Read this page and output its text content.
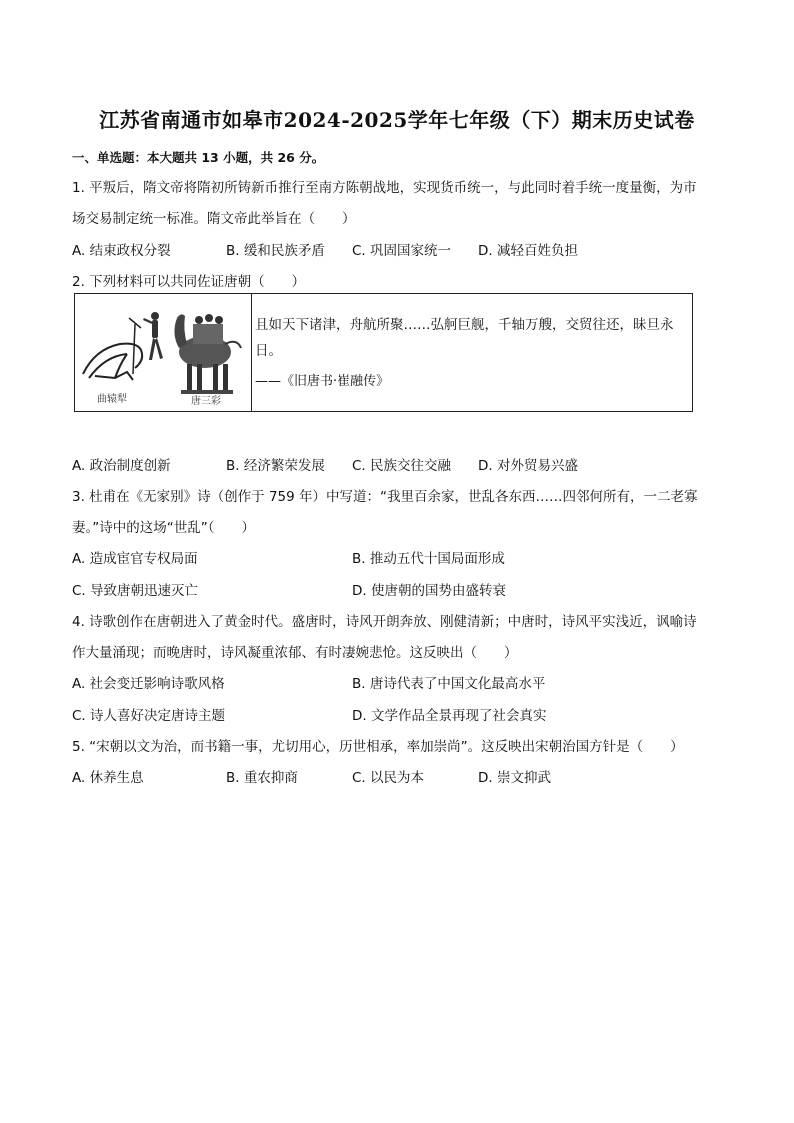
江苏省南通市如皋市2024-2025学年七年级（下）期末历史试卷
一、单选题：本大题共 13 小题，共 26 分。
1. 平叛后，隋文帝将隋初所铸新币推行至南方陈朝战地，实现货币统一，与此同时着手统一度量衡，为市
场交易制定统一标准。隋文帝此举旨在（　　）
A. 结束政权分裂	B. 缓和民族矛盾 C. 巩固国家统一 D. 减轻百姓负担
2. 下列材料可以共同佐证唐朝（　　）
曲辕犁	唐三彩
且如天下诸津，舟航所聚……弘舸巨舰，千轴万艘，交贸往还，昧旦永日。
——《旧唐书·崔融传》
A. 政治制度创新	B. 经济繁荣发展 C. 民族交往交融 D. 对外贸易兴盛
3. 杜甫在《无家别》诗（创作于 759 年）中写道：“我里百余家，世乱各东西……四邻何所有，一二老寡
妻。”诗中的这场“世乱”（　　）
A. 造成宦官专权局面	B. 推动五代十国局面形成
C. 导致唐朝迅速灭亡	D. 使唐朝的国势由盛转衰
4. 诗歌创作在唐朝进入了黄金时代。盛唐时，诗风开朗奔放、刚健清新；中唐时，诗风平实浅近，讽喻诗
作大量涌现；而晚唐时，诗风凝重浓郁、有时凄婉悲怆。这反映出（　　）
A. 社会变迁影响诗歌风格	B. 唐诗代表了中国文化最高水平
C. 诗人喜好决定唐诗主题	D. 文学作品全景再现了社会真实
5. “宋朝以文为治，而书籍一事，尤切用心，历世相承，率加崇尚”。这反映出宋朝治国方针是（　　）
A. 休养生息	B. 重农抑商	C. 以民为本	D. 崇文抑武
